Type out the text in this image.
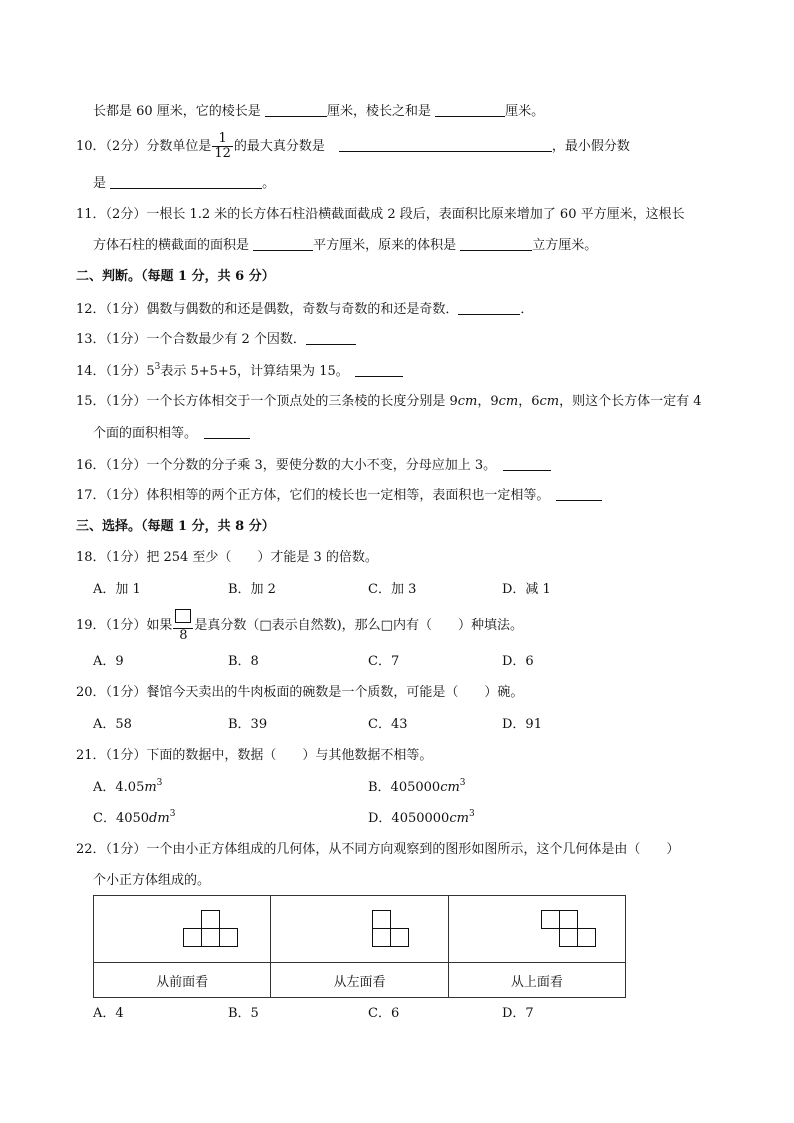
长都是 60 厘米，它的棱长是	厘米，棱长之和是	厘米。
10．（2分）分数单位是 $\frac{1}{12}$ 的最大真分数是	，最小假分数
是	。
11．（2分）一根长 1.2 米的长方体石柱沿横截面截成 2 段后，表面积比原来增加了 60 平方厘米，这根长
方体石柱的横截面的面积是	平方厘米，原来的体积是	立方厘米。
二、判断。（每题 1 分，共 6 分）
12．（1分）偶数与偶数的和还是偶数，奇数与奇数的和还是奇数．	．
13．（1分）一个合数最少有 2 个因数．
14．（1分）$5^3$表示 5+5+5，计算结果为 15。　
15．（1分）一个长方体相交于一个顶点处的三条棱的长度分别是 9cm，9cm，6cm，则这个长方体一定有 4
个面的面积相等。　
16．（1分）一个分数的分子乘 3，要使分数的大小不变，分母应加上 3。　
17．（1分）体积相等的两个正方体，它们的棱长也一定相等，表面积也一定相等。　
三、选择。（每题 1 分，共 8 分）
18．（1分）把 254 至少（　　）才能是 3 的倍数。
A．加 1	B．加 2	C．加 3	D．减 1
19．（1分）如果
8
是真分数（□表示自然数)，那么□内有（　　）种填法。
A．9	B．8	C．7	D．6
20．（1分）餐馆今天卖出的牛肉板面的碗数是一个质数，可能是（　　）碗。
A．58	B．39	C．43	D．91
21．（1分）下面的数据中，数据（　　）与其他数据不相等。
A．$4.05m^3$	B．$405000cm^3$
C．$4050dm^3$	D．$4050000cm^3$
22．（1分）一个由小正方体组成的几何体，从不同方向观察到的图形如图所示，这个几何体是由（　　）
个小正方体组成的。

从前面看	从左面看	从上面看
A．4	B．5	C．6	D．7
